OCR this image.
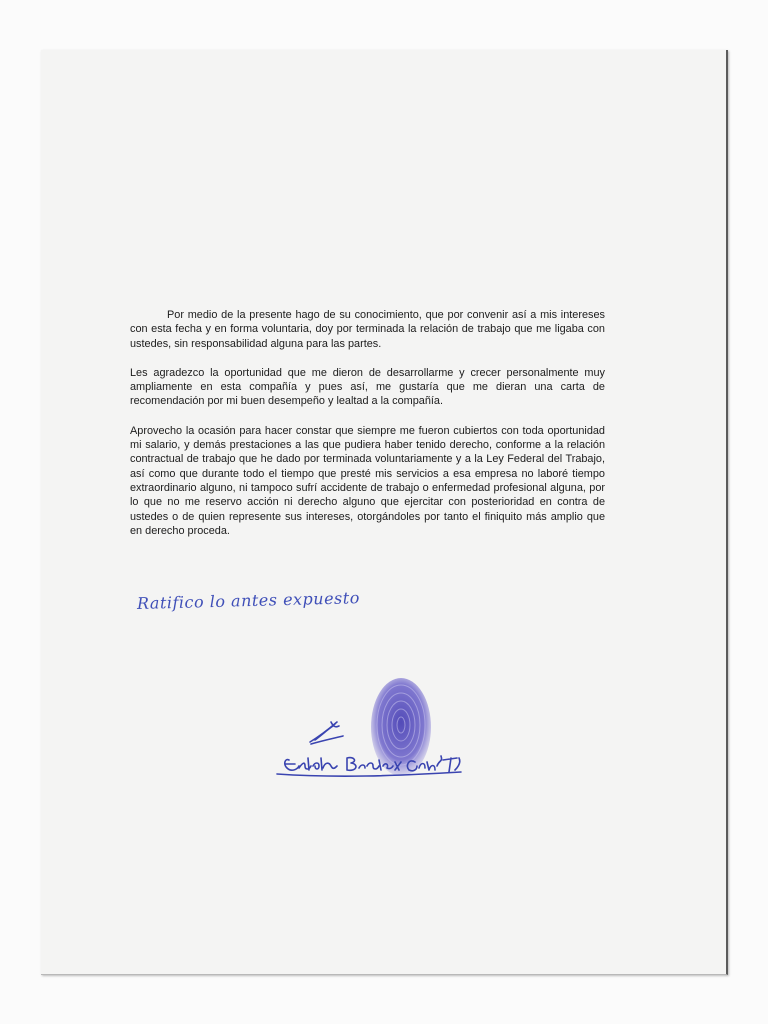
Por medio de la presente hago de su conocimiento, que por convenir así a mis intereses con esta fecha y en forma voluntaria, doy por terminada la relación de trabajo que me ligaba con ustedes, sin responsabilidad alguna para las partes.

Les agradezco la oportunidad que me dieron de desarrollarme y crecer personalmente muy ampliamente en esta compañía y pues así, me gustaría que me dieran una carta de recomendación por mi buen desempeño y lealtad a la compañía.

Aprovecho la ocasión para hacer constar que siempre me fueron cubiertos con toda oportunidad mi salario, y demás prestaciones a las que pudiera haber tenido derecho, conforme a la relación contractual de trabajo que he dado por terminada voluntariamente y a la Ley Federal del Trabajo, así como que durante todo el tiempo que presté mis servicios a esa empresa no laboré tiempo extraordinario alguno, ni tampoco sufrí accidente de trabajo o enfermedad profesional alguna, por lo que no me reservo acción ni derecho alguno que ejercitar con posterioridad en contra de ustedes o de quien represente sus intereses, otorgándoles por tanto el finiquito más amplio que en derecho proceda.

Ratifico lo antes expuesto
